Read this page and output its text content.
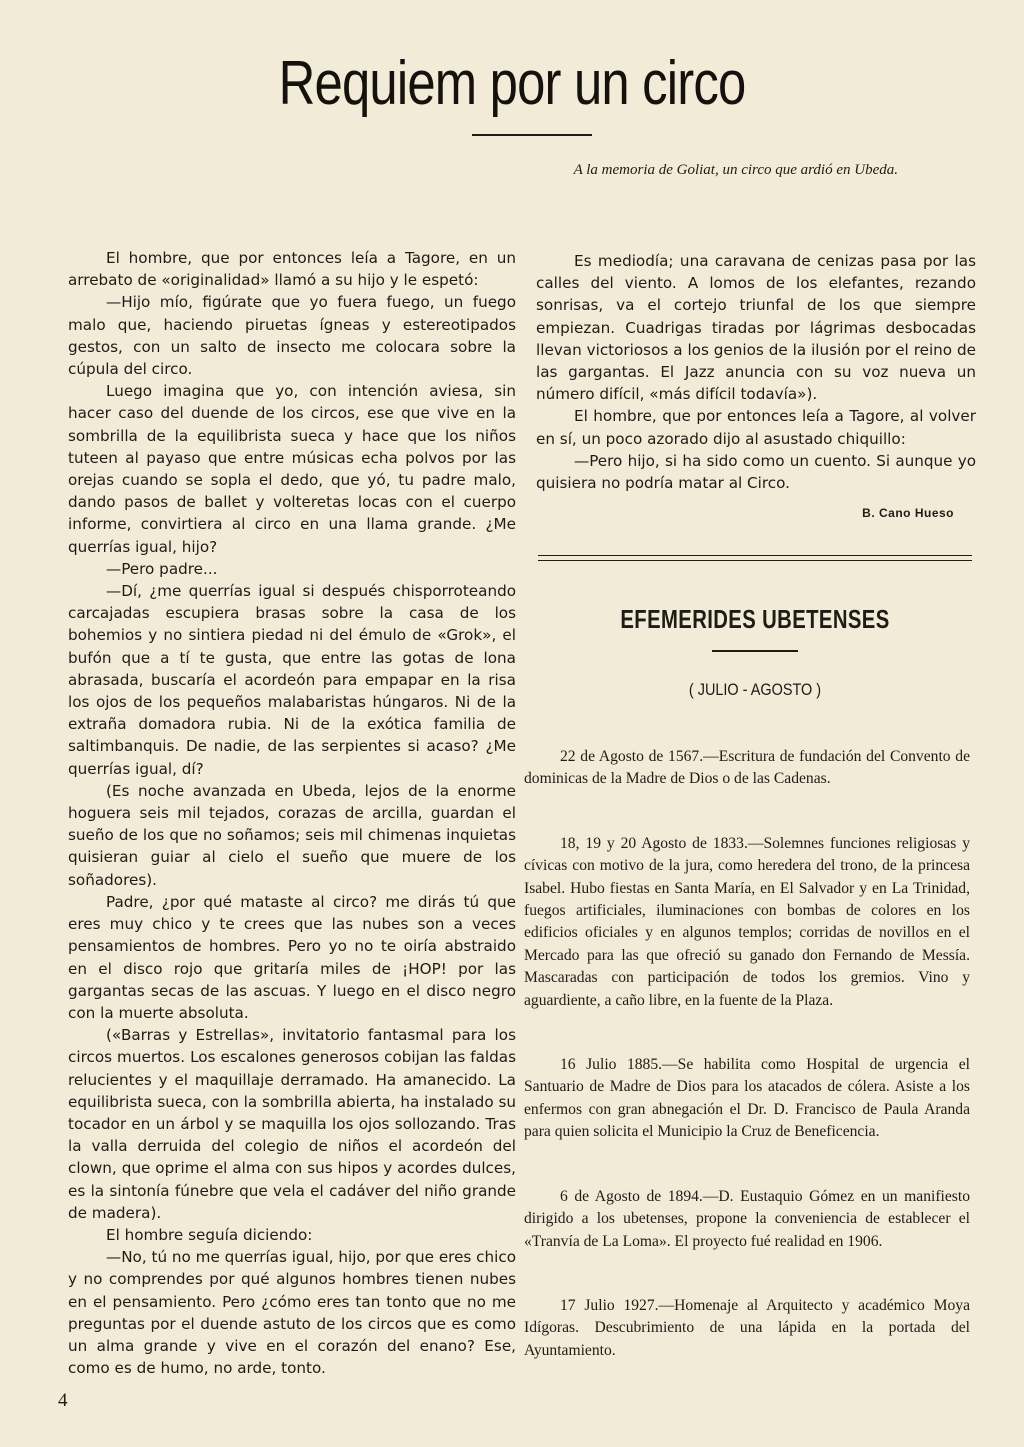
Requiem por un circo
A la memoria de Goliat, un circo que ardió en Ubeda.

El hombre, que por entonces leía a Tagore, en un arrebato de «originalidad» llamó a su hijo y le espetó:

—Hijo mío, figúrate que yo fuera fuego, un fuego malo que, haciendo piruetas ígneas y estereotipados gestos, con un salto de insecto me colocara sobre la cúpula del circo.

Luego imagina que yo, con intención aviesa, sin hacer caso del duende de los circos, ese que vive en la sombrilla de la equilibrista sueca y hace que los niños tuteen al payaso que entre músicas echa polvos por las orejas cuando se sopla el dedo, que yó, tu padre malo, dando pasos de ballet y volteretas locas con el cuerpo informe, convirtiera al circo en una llama grande. ¿Me querrías igual, hijo?

—Pero padre...

—Dí, ¿me querrías igual si después chisporroteando carcajadas escupiera brasas sobre la casa de los bohemios y no sintiera piedad ni del émulo de «Grok», el bufón que a tí te gusta, que entre las gotas de lona abrasada, buscaría el acordeón para empapar en la risa los ojos de los pequeños malabaristas húngaros. Ni de la extraña domadora rubia. Ni de la exótica familia de saltimbanquis. De nadie, de las serpientes si acaso? ¿Me querrías igual, dí?

(Es noche avanzada en Ubeda, lejos de la enorme hoguera seis mil tejados, corazas de arcilla, guardan el sueño de los que no soñamos; seis mil chimenas inquietas quisieran guiar al cielo el sueño que muere de los soñadores).

Padre, ¿por qué mataste al circo? me dirás tú que eres muy chico y te crees que las nubes son a veces pensamientos de hombres. Pero yo no te oiría abstraido en el disco rojo que gritaría miles de ¡HOP! por las gargantas secas de las ascuas. Y luego en el disco negro con la muerte absoluta.

(«Barras y Estrellas», invitatorio fantasmal para los circos muertos. Los escalones generosos cobijan las faldas relucientes y el maquillaje derramado. Ha amanecido. La equilibrista sueca, con la sombrilla abierta, ha instalado su tocador en un árbol y se maquilla los ojos sollozando. Tras la valla derruida del colegio de niños el acordeón del clown, que oprime el alma con sus hipos y acordes dulces, es la sintonía fúnebre que vela el cadáver del niño grande de madera).

El hombre seguía diciendo:

—No, tú no me querrías igual, hijo, por que eres chico y no comprendes por qué algunos hombres tienen nubes en el pensamiento. Pero ¿cómo eres tan tonto que no me preguntas por el duende astuto de los circos que es como un alma grande y vive en el corazón del enano? Ese, como es de humo, no arde, tonto.

Es mediodía; una caravana de cenizas pasa por las calles del viento. A lomos de los elefantes, rezando sonrisas, va el cortejo triunfal de los que siempre empiezan. Cuadrigas tiradas por lágrimas desbocadas llevan victoriosos a los genios de la ilusión por el reino de las gargantas. El Jazz anuncia con su voz nueva un número difícil, «más difícil todavía»).

El hombre, que por entonces leía a Tagore, al volver en sí, un poco azorado dijo al asustado chiquillo:

—Pero hijo, si ha sido como un cuento. Si aunque yo quisiera no podría matar al Circo.

B. Cano Hueso
EFEMERIDES UBETENSES
( JULIO - AGOSTO )

22 de Agosto de 1567.—Escritura de fundación del Convento de dominicas de la Madre de Dios o de las Cadenas.

18, 19 y 20 Agosto de 1833.—Solemnes funciones religiosas y cívicas con motivo de la jura, como heredera del trono, de la princesa Isabel. Hubo fiestas en Santa María, en El Salvador y en La Trinidad, fuegos artificiales, iluminaciones con bombas de colores en los edificios oficiales y en algunos templos; corridas de novillos en el Mercado para las que ofreció su ganado don Fernando de Messía. Mascaradas con participación de todos los gremios. Vino y aguardiente, a caño libre, en la fuente de la Plaza.

16 Julio 1885.—Se habilita como Hospital de urgencia el Santuario de Madre de Dios para los atacados de cólera. Asiste a los enfermos con gran abnegación el Dr. D. Francisco de Paula Aranda para quien solicita el Municipio la Cruz de Beneficencia.

6 de Agosto de 1894.—D. Eustaquio Gómez en un manifiesto dirigido a los ubetenses, propone la conveniencia de establecer el «Tranvía de La Loma». El proyecto fué realidad en 1906.

17 Julio 1927.—Homenaje al Arquitecto y académico Moya Idígoras. Descubrimiento de una lápida en la portada del Ayuntamiento.

4
